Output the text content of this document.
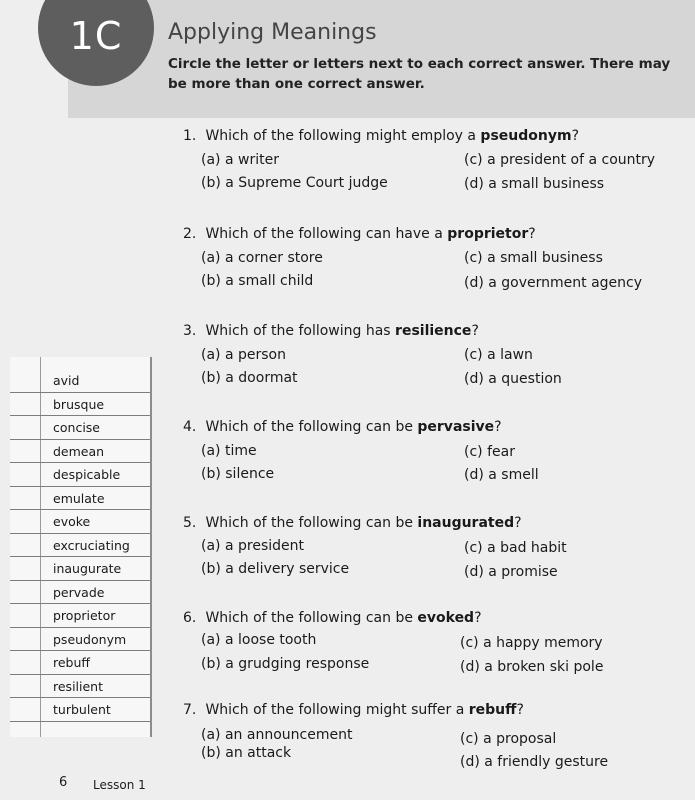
1C	Applying Meanings
Circle the letter or letters next to each correct answer. There may be more than one correct answer.
avid
brusque
concise
demean
despicable
emulate
evoke
excruciating
inaugurate
pervade
proprietor
pseudonym
rebuff
resilient
turbulent
1. Which of the following might employ a pseudonym?
(a) a writer
(b) a Supreme Court judge
(c) a president of a country
(d) a small business
2. Which of the following can have a proprietor?
(a) a corner store
(b) a small child
(c) a small business
(d) a government agency
3. Which of the following has resilience?
(a) a person
(b) a doormat
(c) a lawn
(d) a question
4. Which of the following can be pervasive?
(a) time
(b) silence
(c) fear
(d) a smell
5. Which of the following can be inaugurated?
(a) a president
(b) a delivery service
(c) a bad habit
(d) a promise
6. Which of the following can be evoked?
(a) a loose tooth
(b) a grudging response
(c) a happy memory
(d) a broken ski pole
7. Which of the following might suffer a rebuff?
(a) an announcement
(b) an attack
(c) a proposal
(d) a friendly gesture
6 Lesson 1
